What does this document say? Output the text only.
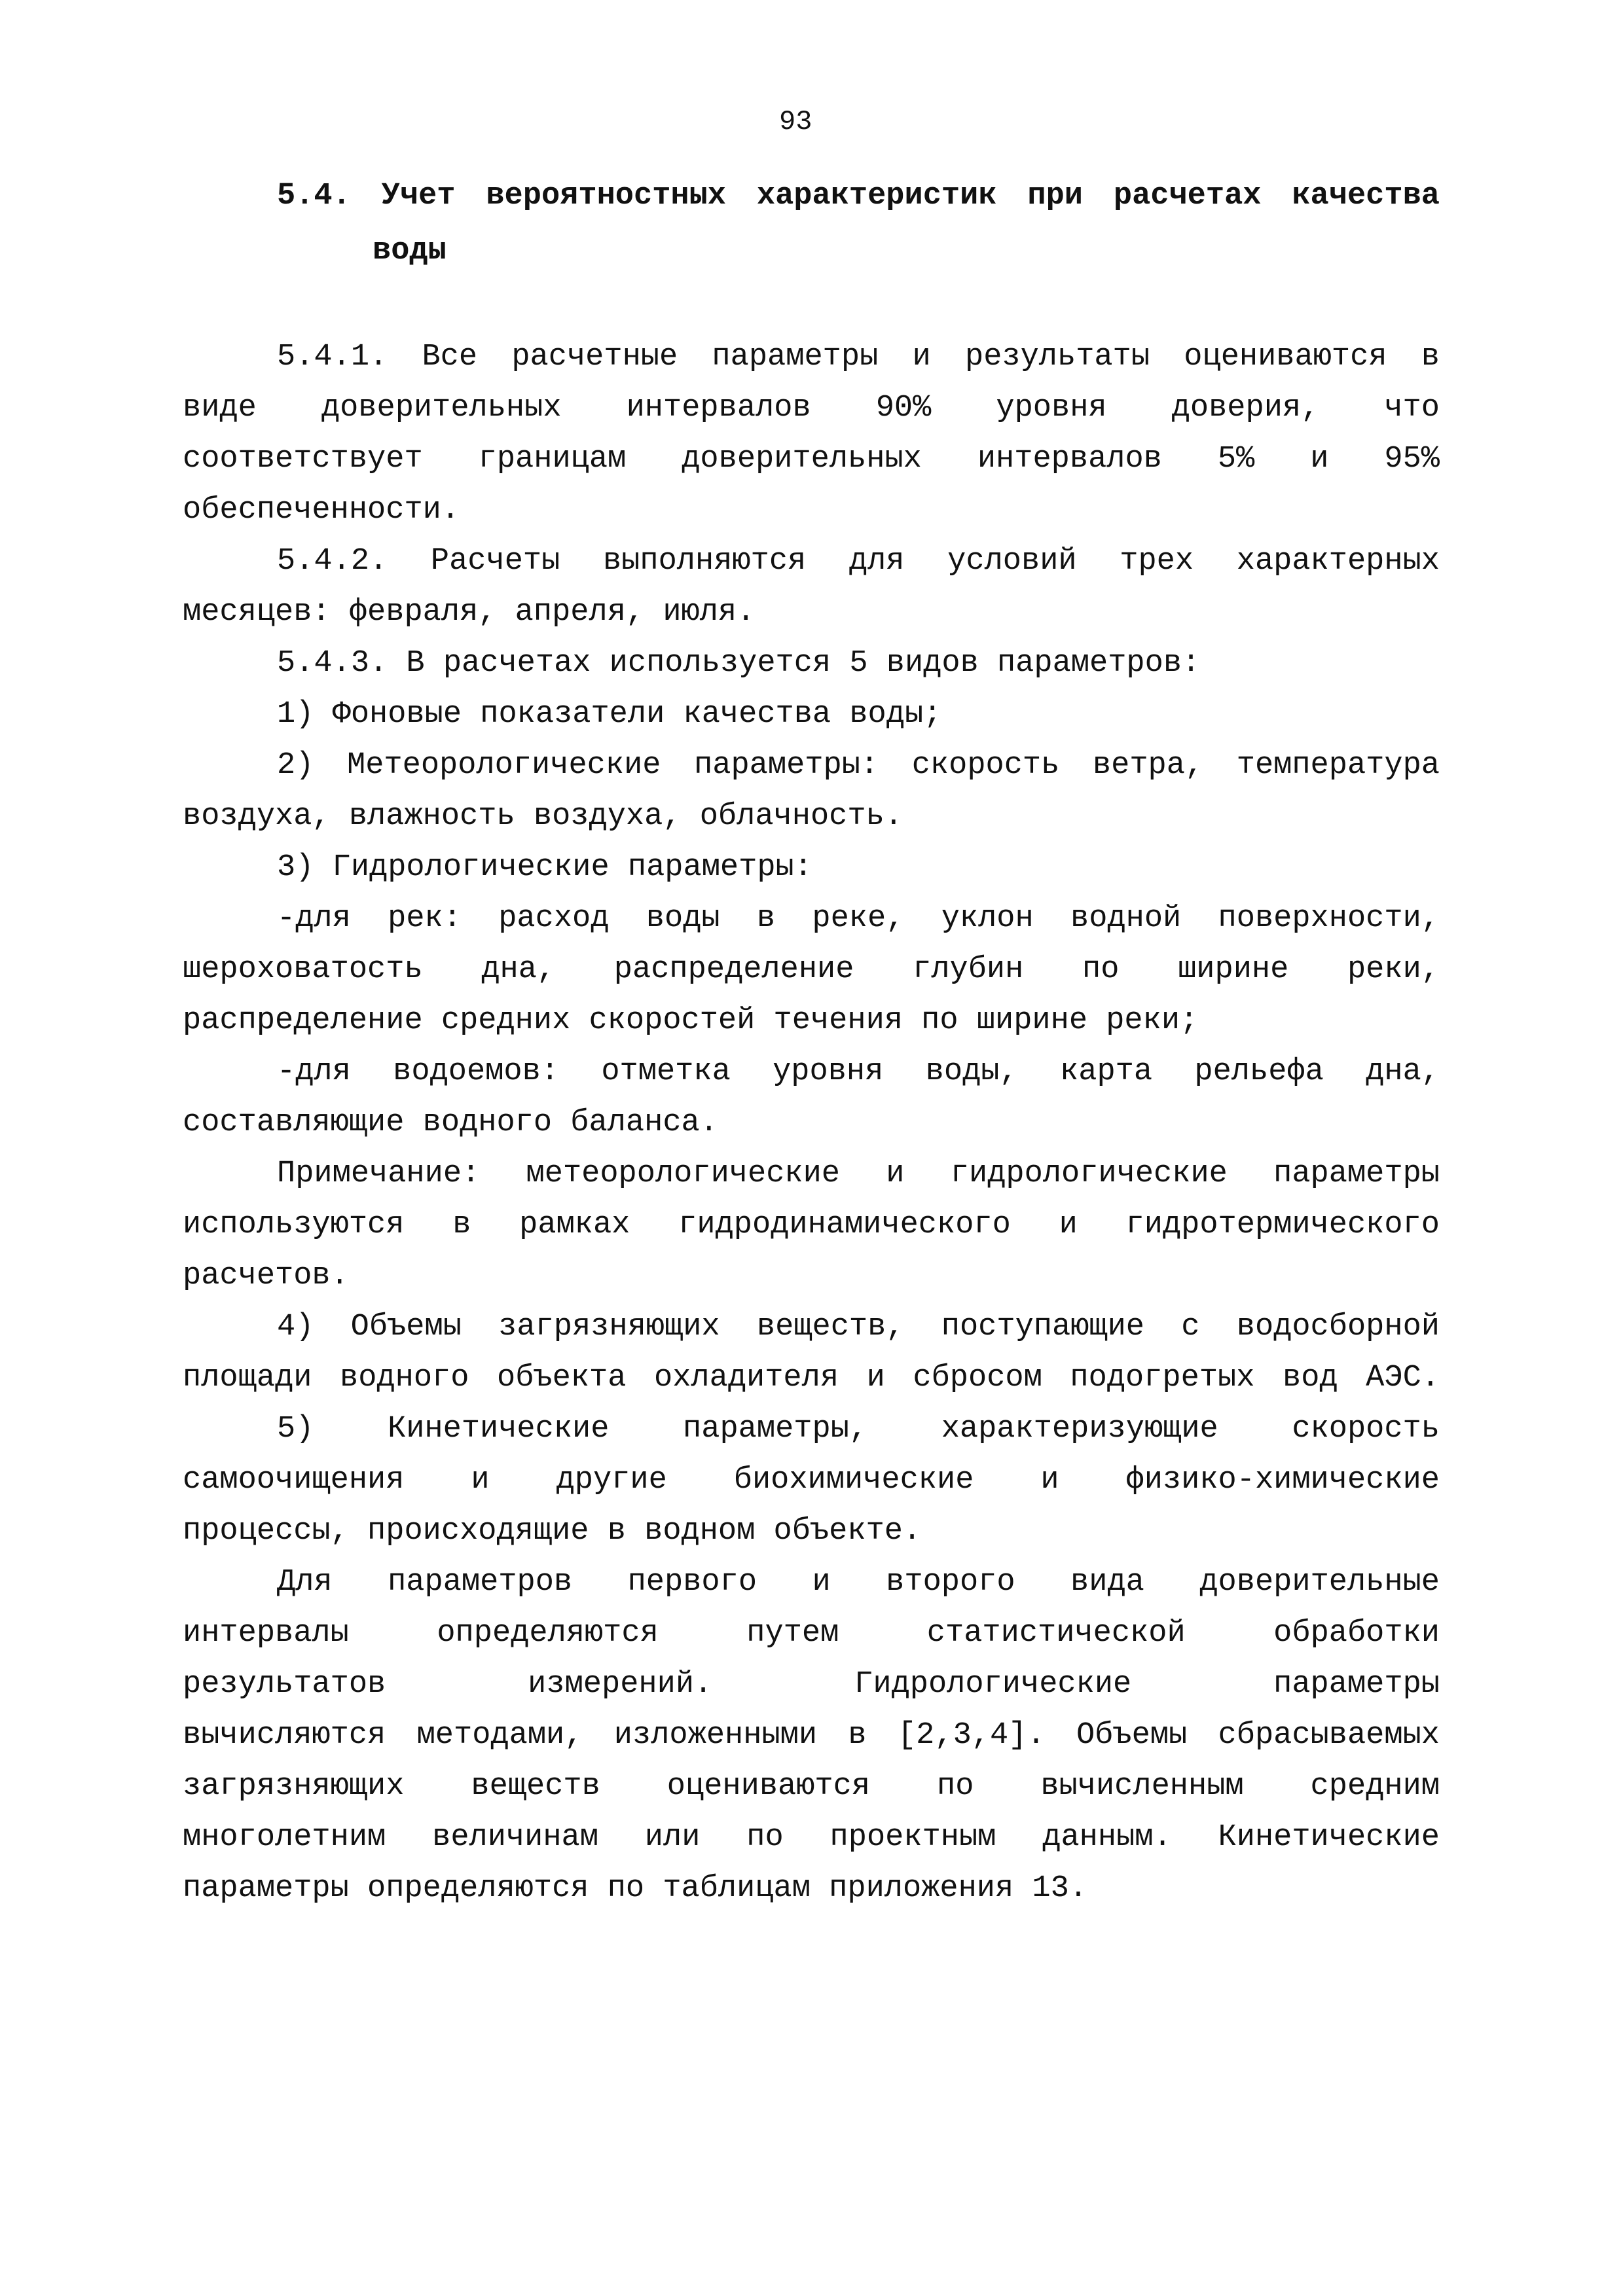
93
5.4. Учет вероятностных характеристик при расчетах качества
воды
5.4.1. Все расчетные параметры и результаты оцениваются в
виде доверительных интервалов 90% уровня доверия, что
соответствует границам доверительных интервалов 5% и 95%
обеспеченности.
5.4.2. Расчеты выполняются для условий трех характерных
месяцев: февраля, апреля, июля.
5.4.3. В расчетах используется 5 видов параметров:
1) Фоновые показатели качества воды;
2) Метеорологические параметры: скорость ветра, температура
воздуха, влажность воздуха, облачность.
3) Гидрологические параметры:
-для рек: расход воды в реке, уклон водной поверхности,
шероховатость дна, распределение глубин по ширине реки,
распределение средних скоростей течения по ширине реки;
-для водоемов: отметка уровня воды, карта рельефа дна,
составляющие водного баланса.
Примечание: метеорологические и гидрологические параметры
используются в рамках гидродинамического и гидротермического
расчетов.
4) Объемы загрязняющих веществ, поступающие с водосборной
площади водного объекта охладителя и сбросом подогретых вод АЭС.
5) Кинетические параметры, характеризующие скорость
самоочищения и другие биохимические и физико-химические
процессы, происходящие в водном объекте.
Для параметров первого и второго вида доверительные
интервалы определяются путем статистической обработки
результатов измерений. Гидрологические параметры
вычисляются методами, изложенными в [2,3,4]. Объемы сбрасываемых
загрязняющих веществ оцениваются по вычисленным средним
многолетним величинам или по проектным данным. Кинетические
параметры определяются по таблицам приложения 13.
